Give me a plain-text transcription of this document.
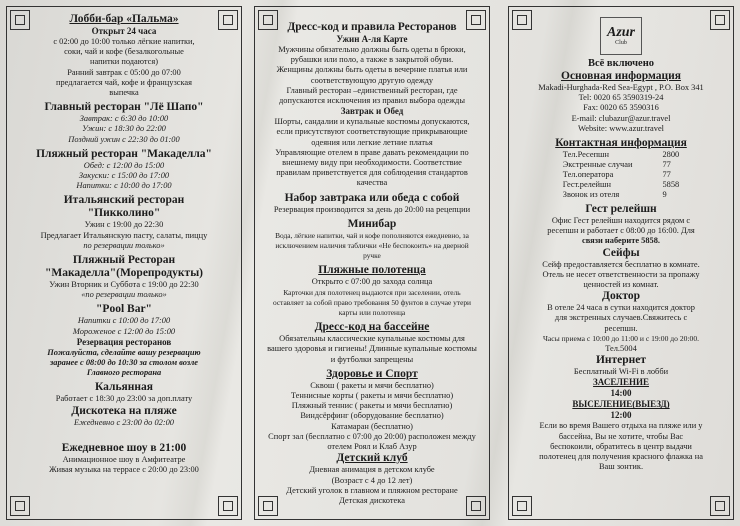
Лобби-бар «Пальма»
Открыт 24 часа
с 02:00 до 10:00 только лёгкие напитки,
соки, чай и кофе (безалкогольные
напитки подаются)
Ранний завтрак с 05:00 до 07:00
предлагается чай, кофе и французская
выпечка
Главный ресторан "Лё Шапо"
Завтрак: с 6:30 до 10:00
Ужин: с 18:30 до 22:00
Поздний ужин с 22:30 до 01:00
Пляжный ресторан "Макаделла"
Обед: с 12:00 до 15:00
Закуски: с 15:00 до 17:00
Напитки: с 10:00 до 17:00
Итальянский ресторан
"Пикколино"
Ужин с 19:00 до 22:30
Предлагает Итальянскую пасту, салаты, пиццу
по резервации только»
Пляжный Ресторан
"Макаделла"(Морепродукты)
Ужин Вторник и Суббота с 19:00 до 22:30
«по резервации только»
"Pool Bar"
Напитки с 10:00 до 17:00
Мороженое с 12:00 до 15:00
Резервация ресторанов
Пожалуйста, сделайте вашу резервацию
заранее с 08:00 до 10:30 за столом возле
Главного ресторана
Кальянная
Работает с 18:30 до 23:00 за доп.плату
Дискотека на пляже
Ежедневно с 23:00 до 02:00
Ежедневное шоу в 21:00
Анимационное шоу в Амфитеатре
Живая музыка на террасе с 20:00 до 23:00
Дресс-код и правила Ресторанов
Ужин А-ля Карте
Мужчины обязательно должны быть одеты в брюки,
рубашки или поло, а также в закрытой обуви.
Женщины должны быть одеты в вечерние платья или
соответствующую другую одежду
Главный ресторан –единственный ресторан, где
допускаются исключения из правил выбора одежды
Завтрак и Обед
Шорты, сандалии и купальные костюмы допускаются,
если присутствуют соответствующие прикрывающие
одеяния или легкие летние платья
Управляющие отелем в праве давать рекомендации по
внешнему виду при необходимости. Соответствие
правилам приветствуется для соблюдения стандартов
качества
Набор завтрака или обеда с собой
Резервация производится за день до 20:00 на рецепции
Минибар
Вода, лёгкие напитки, чай и кофе пополняются ежедневно, за
исключением наличия таблички «Не беспокоить» на дверной
ручке
Пляжные полотенца
Открыто с 07:00 до захода солнца
Карточки для полотенец выдаются при заселении, отель
оставляет за собой право требования 50 фунтов в случае утери
карты или полотенца
Дресс-код на бассейне
Обязательны классические купальные костюмы для
вашего здоровья и гигиены! Длинные купальные костюмы
и футболки запрещены
Здоровье и Спорт
Сквош ( ракеты и мячи бесплатно)
Теннисные корты ( ракеты и мячи бесплатно)
Пляжный теннис ( ракеты и мячи бесплатно)
Виндсёрфинг (оборудование бесплатно)
Катамаран (бесплатно)
Спорт зал (бесплатно с 07:00 до 20:00) расположен между
отелем Роял и Клаб Азур
Детский клуб
Дневная анимация в детском клубе
(Возраст с 4 до 12 лет)
Детский уголок в главном и пляжном ресторане
Детская дискотека
Azur
Club
Всё включено
Основная информация
Makadi-Hurghada-Red Sea-Egypt , P.O. Box 341
Tel: 0020 65 3590319-24
Fax: 0020 65 3590316
E-mail: clubazur@azur.travel
Website: www.azur.travel
Контактная информация
Тел.Ресепшн	2800
Экстренные случаи	77
Тел.оператора	77
Гест.релейшн	5858
Звонок из отеля	9
Гест релейшн
Офис Гест релейшн находится рядом с
ресепшн и работает с 08:00 до 16:00. Для
связи наберите 5858.
Сейфы
Сейф предоставляется бесплатно в комнате.
Отель не несет ответственности за пропажу
ценностей из комнат.
Доктор
В отеле 24 часа в сутки находится доктор
для экстренных случаев.Свяжитесь с
ресепшн.
Часы приема с 10:00 до 11:00 и с 19:00 до 20:00.
Тел.5004
Интернет
Бесплатный Wi-Fi в лобби
ЗАСЕЛЕНИЕ
14:00
ВЫСЕЛЕНИЕ(ВЫЕЗД)
12:00
Если во время Вашего отдыха на пляже или у
бассейна, Вы не хотите, чтобы Вас
беспокоили, обратитесь в центр выдачи
полотенец для получения красного флажка на
Ваш зонтик.
